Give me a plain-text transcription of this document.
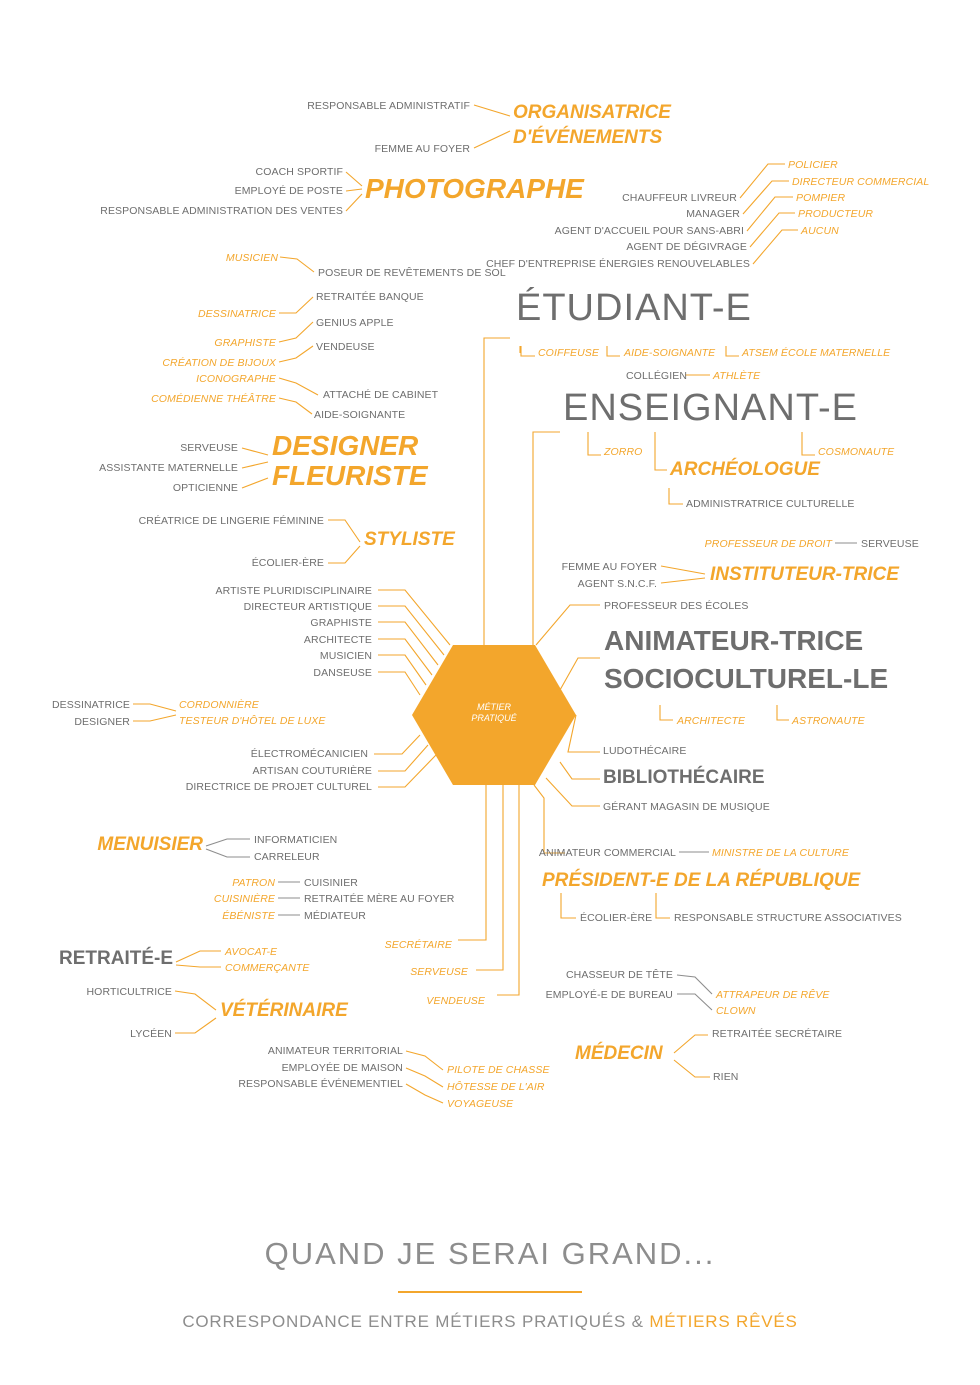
MÉTIER
PRATIQUÉ
RESPONSABLE ADMINISTRATIF
FEMME AU FOYER
ORGANISATRICE
D'ÉVÉNEMENTS
COACH SPORTIF
EMPLOYÉ DE POSTE
RESPONSABLE ADMINISTRATION DES VENTES
PHOTOGRAPHE
POLICIER
DIRECTEUR COMMERCIAL
POMPIER
PRODUCTEUR
AUCUN
CHAUFFEUR LIVREUR
MANAGER
AGENT D'ACCUEIL POUR SANS-ABRI
AGENT DE DÉGIVRAGE
CHEF D'ENTREPRISE ÉNERGIES RENOUVELABLES
MUSICIEN
POSEUR DE REVÊTEMENTS DE SOL
RETRAITÉE BANQUE
DESSINATRICE
GENIUS APPLE
GRAPHISTE	VENDEUSE
CRÉATION DE BIJOUX
ICONOGRAPHE
ATTACHÉ DE CABINET
COMÉDIENNE THÉÂTRE
AIDE-SOIGNANTE
ÉTUDIANT-E
COIFFEUSE AIDE-SOIGNANTE	ATSEM ÉCOLE MATERNELLE
COLLÉGIEN ATHLÈTE
ENSEIGNANT-E
ZORRO	COSMONAUTE
ARCHÉOLOGUE
ADMINISTRATRICE CULTURELLE
SERVEUSE
ASSISTANTE MATERNELLE
OPTICIENNE
DESIGNER
FLEURISTE
CRÉATRICE DE LINGERIE FÉMININE
STYLISTE
ÉCOLIER-ÈRE
PROFESSEUR DE DROIT	SERVEUSE
FEMME AU FOYER
AGENT S.N.C.F.	INSTITUTEUR-TRICE
PROFESSEUR DES ÉCOLES
ARTISTE PLURIDISCIPLINAIRE
DIRECTEUR ARTISTIQUE
GRAPHISTE
ARCHITECTE
MUSICIEN
DANSEUSE
ANIMATEUR-TRICE
SOCIOCULTUREL-LE
ARCHITECTE	ASTRONAUTE
DESSINATRICE
DESIGNER
CORDONNIÈRE
TESTEUR D'HÔTEL DE LUXE
LUDOTHÉCAIRE
BIBLIOTHÉCAIRE
GÉRANT MAGASIN DE MUSIQUE
ÉLECTROMÉCANICIEN
ARTISAN COUTURIÈRE
DIRECTRICE DE PROJET CULTUREL
MENUISIER	INFORMATICIEN
CARRELEUR	ANIMATEUR COMMERCIAL	MINISTRE DE LA CULTURE
PRÉSIDENT-E DE LA RÉPUBLIQUE
PATRON	CUISINIER
CUISINIÈRE	RETRAITÉE MÈRE AU FOYER
ÉBÉNISTE	MÉDIATEUR	ÉCOLIER-ÈRE RESPONSABLE STRUCTURE ASSOCIATIVES
SECRÉTAIRE
SERVEUSE
VENDEUSE
RETRAITÉ-E	AVOCAT-E
COMMERÇANTE
HORTICULTRICE
VÉTÉRINAIRE
LYCÉEN
CHASSEUR DE TÊTE
EMPLOYÉ-E DE BUREAU	ATTRAPEUR DE RÊVE
CLOWN
RETRAITÉE SECRÉTAIRE
MÉDECIN
RIEN
ANIMATEUR TERRITORIAL
EMPLOYÉE DE MAISON
RESPONSABLE ÉVÉNEMENTIEL
PILOTE DE CHASSE
HÔTESSE DE L'AIR
VOYAGEUSE
QUAND JE SERAI GRAND...
CORRESPONDANCE ENTRE MÉTIERS PRATIQUÉS & MÉTIERS RÊVÉS
